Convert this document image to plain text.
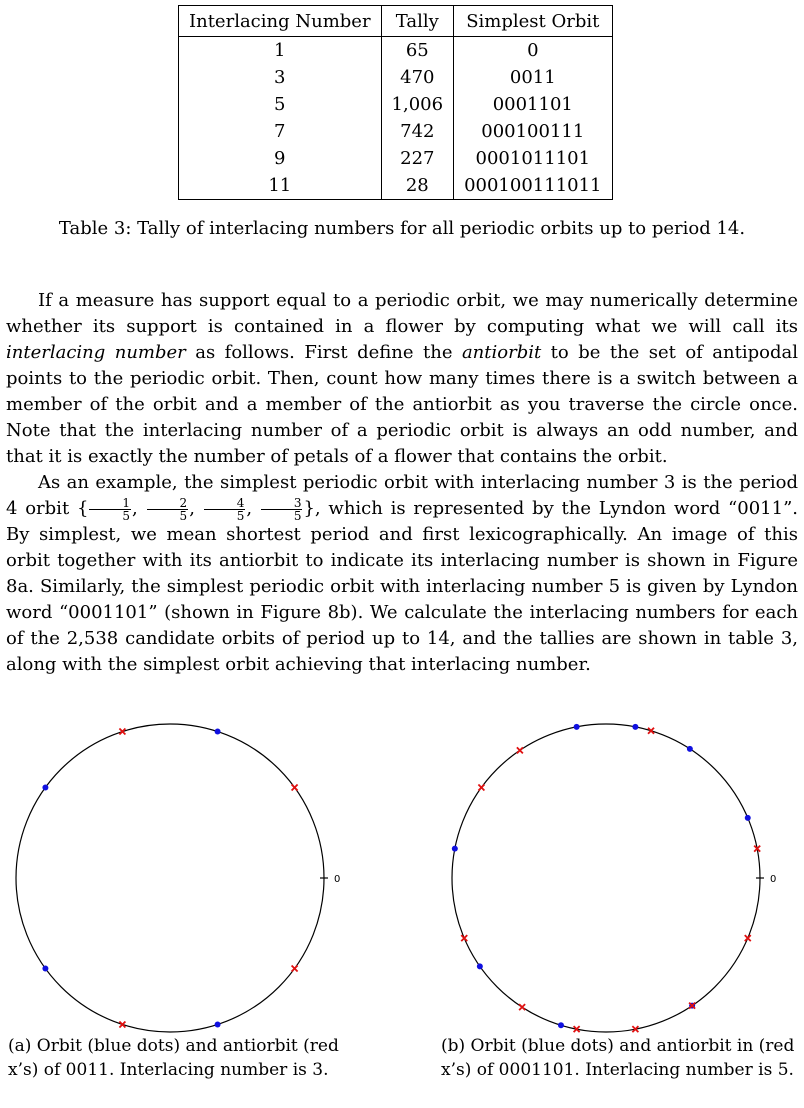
Interlacing Number	Tally	Simplest Orbit
1	65	0
3	470	0011
5	1,006	0001101
7	742	000100111
9	227	0001011101
11	28	000100111011
Table 3: Tally of interlacing numbers for all periodic orbits up to period 14.

If a measure has support equal to a periodic orbit, we may numerically determine whether its support is contained in a flower by computing what we will call its interlacing number as follows. First define the antiorbit to be the set of antipodal points to the periodic orbit. Then, count how many times there is a switch between a member of the orbit and a member of the antiorbit as you traverse the circle once. Note that the interlacing number of a periodic orbit is always an odd number, and that it is exactly the number of petals of a flower that contains the orbit.

As an example, the simplest periodic orbit with interlacing number 3 is the period 4 orbit { $\frac{1}{5}$ , $\frac{2}{5}$ , $\frac{4}{5}$ , $\frac{3}{5}$ }, which is represented by the Lyndon word “0011”. By simplest, we mean shortest period and first lexicographically. An image of this orbit together with its antiorbit to indicate its interlacing number is shown in Figure 8a. Similarly, the simplest periodic orbit with interlacing number 5 is given by Lyndon word “0001101” (shown in Figure 8b). We calculate the interlacing numbers for each of the 2,538 candidate orbits of period up to 14, and the tallies are shown in table 3, along with the simplest orbit achieving that interlacing number.

0	0
(a) Orbit (blue dots) and antiorbit (red
x’s) of 0011. Interlacing number is 3.
(b) Orbit (blue dots) and antiorbit in (red
x’s) of 0001101. Interlacing number is 5.
